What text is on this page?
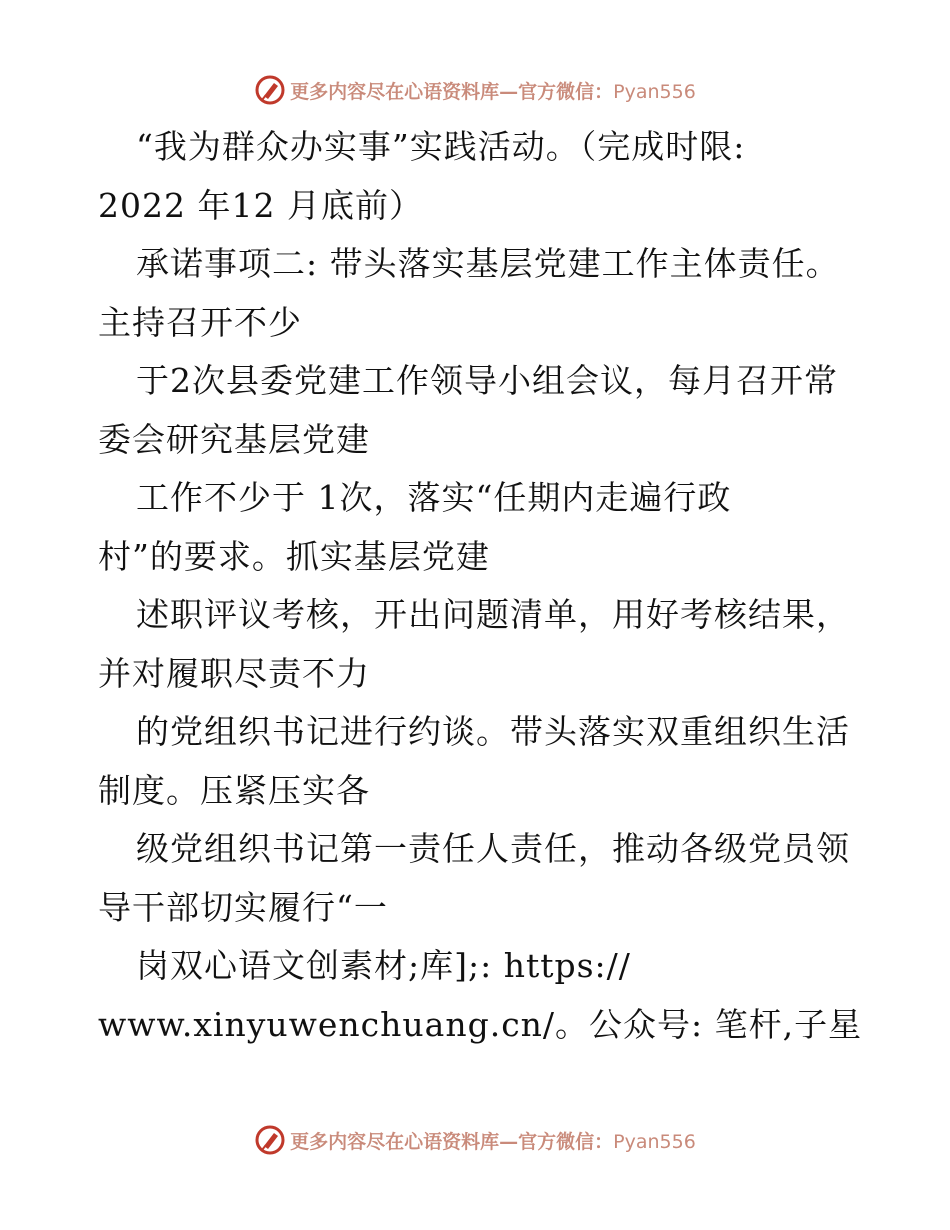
更多内容尽在心语资料库—官方微信：Pyan556
“我为群众办实事”实践活动。（完成时限:
2022 年12 月底前）
承诺事项二: 带头落实基层党建工作主体责任。
主持召开不少
于2次县委党建工作领导小组会议，每月召开常
委会研究基层党建
工作不少于 1次，落实“任期内走遍行政
村”的要求。抓实基层党建
述职评议考核，开出问题清单，用好考核结果，
并对履职尽责不力
的党组织书记进行约谈。带头落实双重组织生活
制度。压紧压实各
级党组织书记第一责任人责任，推动各级党员领
导干部切实履行“一
岗双心语文创素材;库];: https://
www.xinyuwenchuang.cn/。公众号: 笔杆,子星
更多内容尽在心语资料库—官方微信：Pyan556
